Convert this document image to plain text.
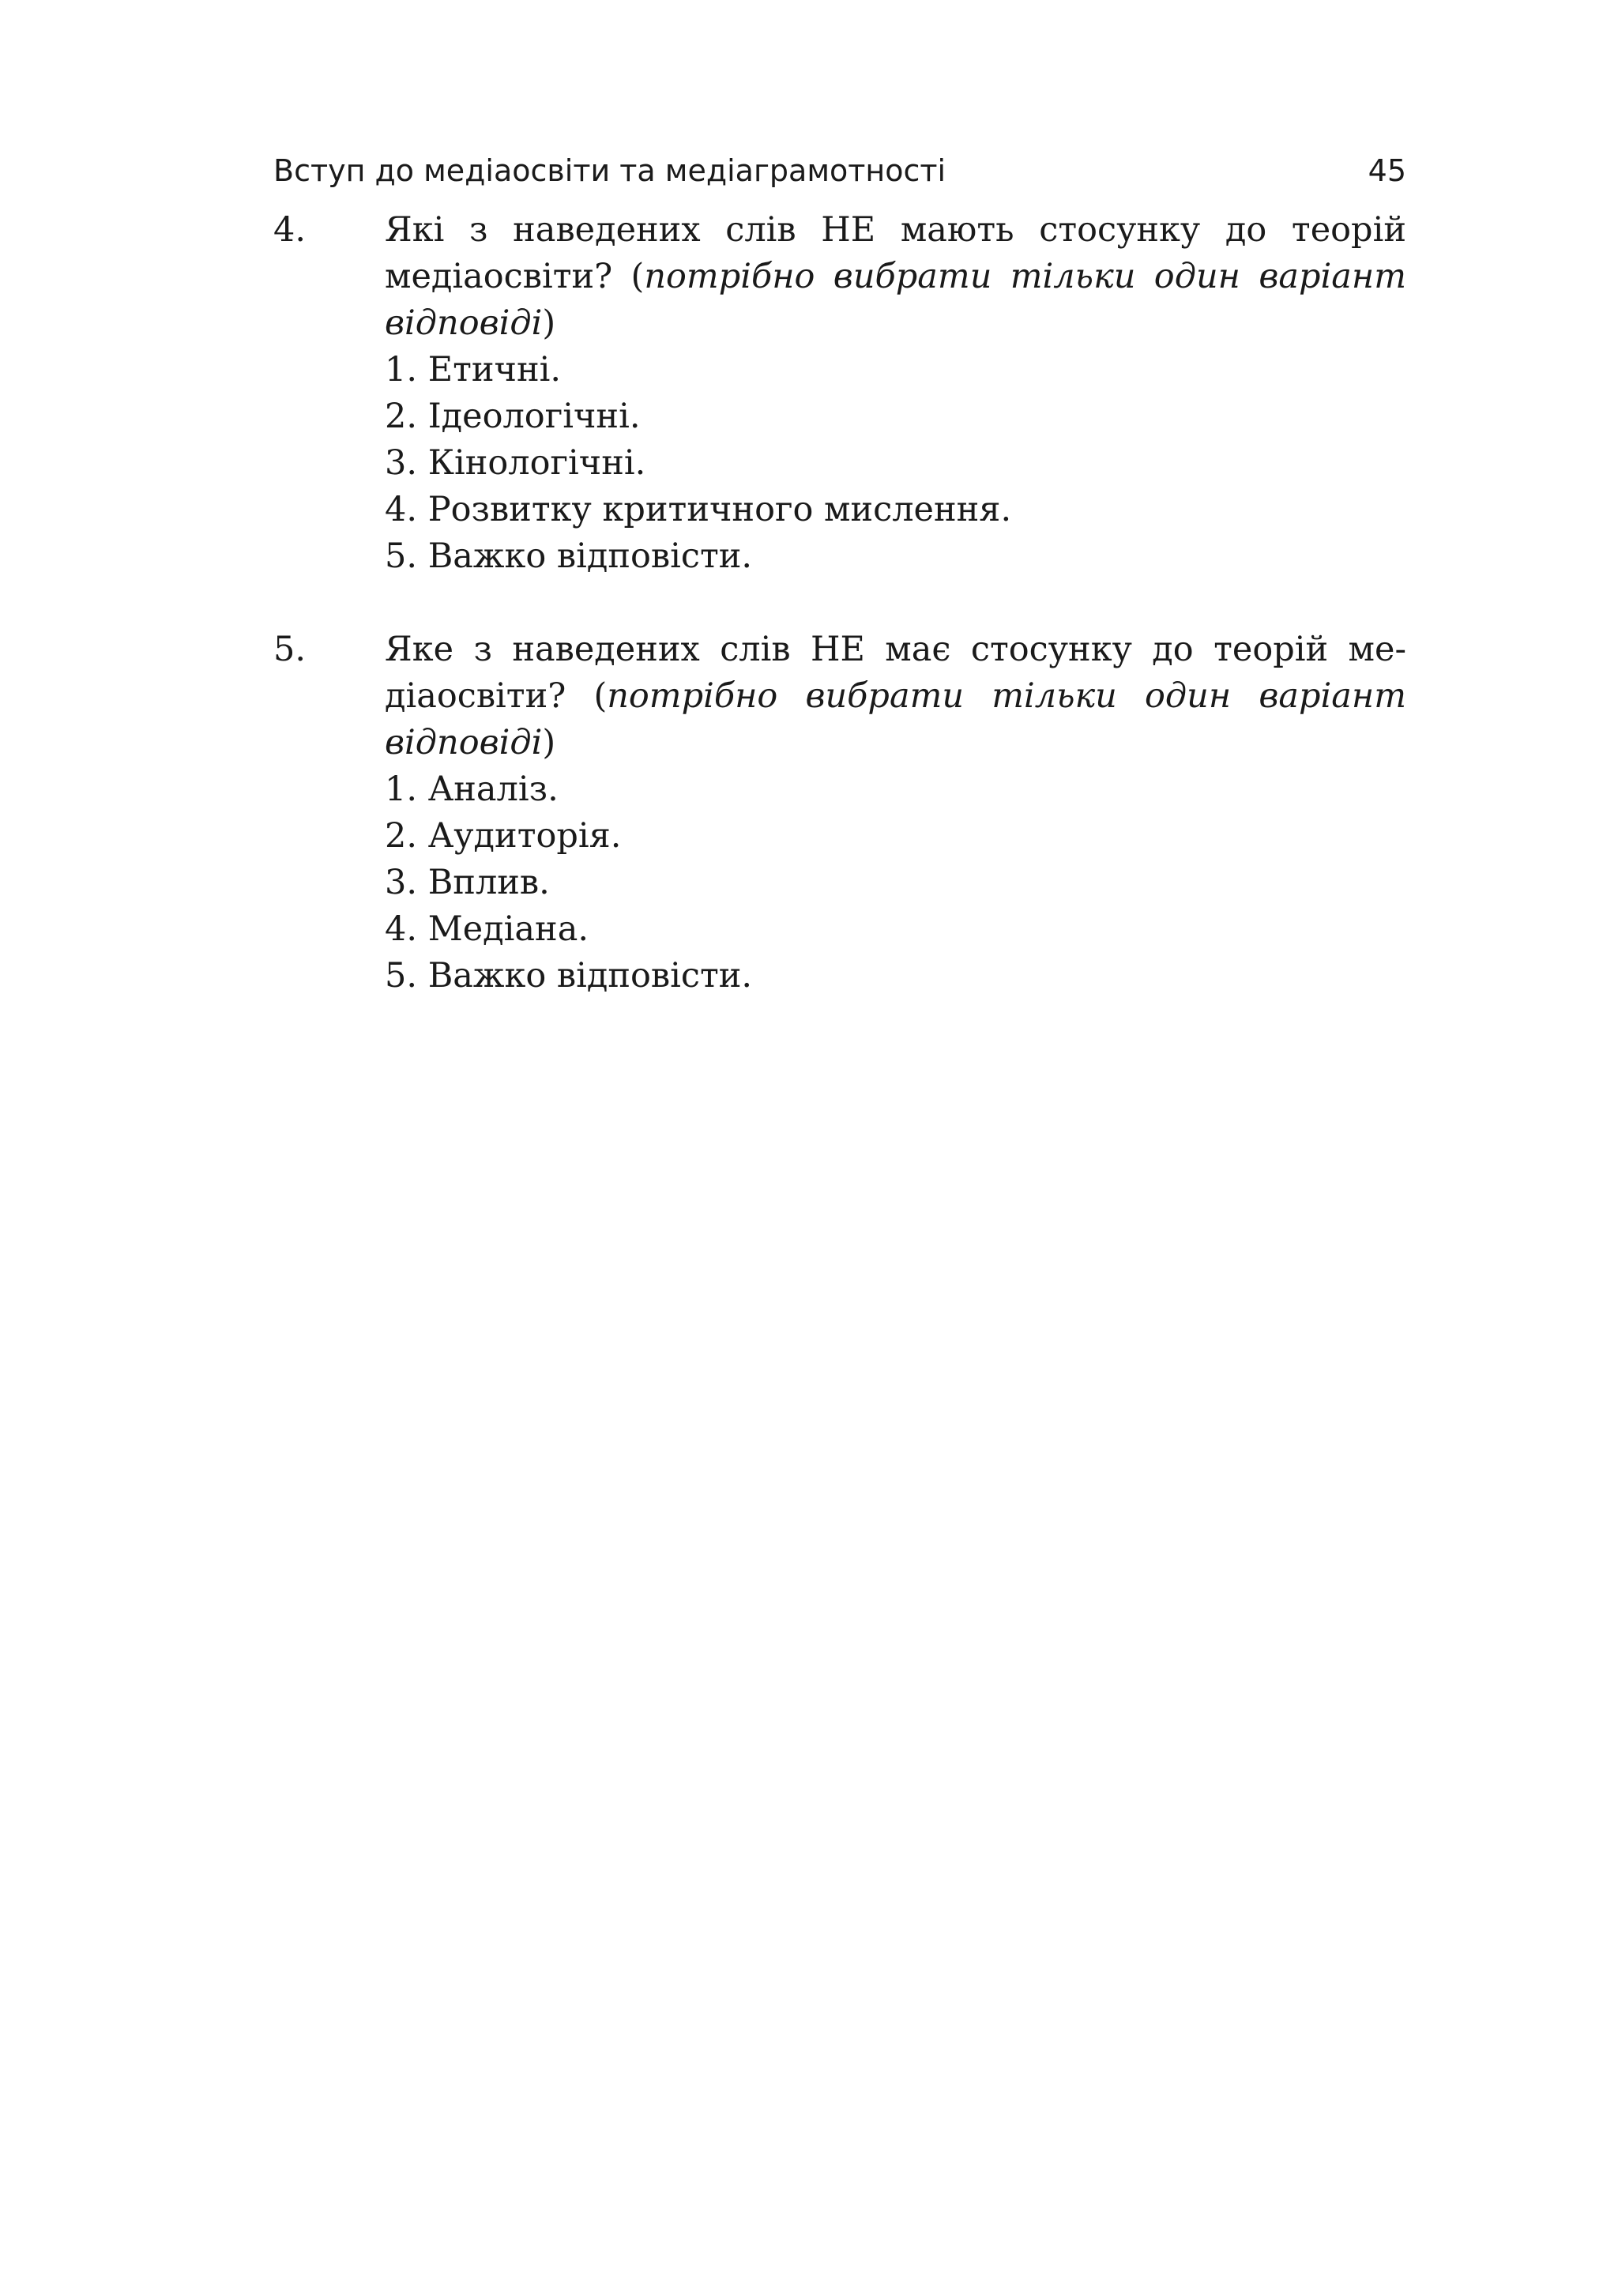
Вступ до медіаосвіти та медіаграмотності	45
4. Які з наведених слів НЕ мають стосунку до теорій медіаосвіти? (потрібно вибрати тільки один варіант відповіді)
1. Етичні.
2. Ідеологічні.
3. Кінологічні.
4. Розвитку критичного мислення.
5. Важко відповісти.
5. Яке з наведених слів НЕ має стосунку до теорій медіаосвіти? (потрібно вибрати тільки один варіант відповіді)
1. Аналіз.
2. Аудиторія.
3. Вплив.
4. Медіана.
5. Важко відповісти.
